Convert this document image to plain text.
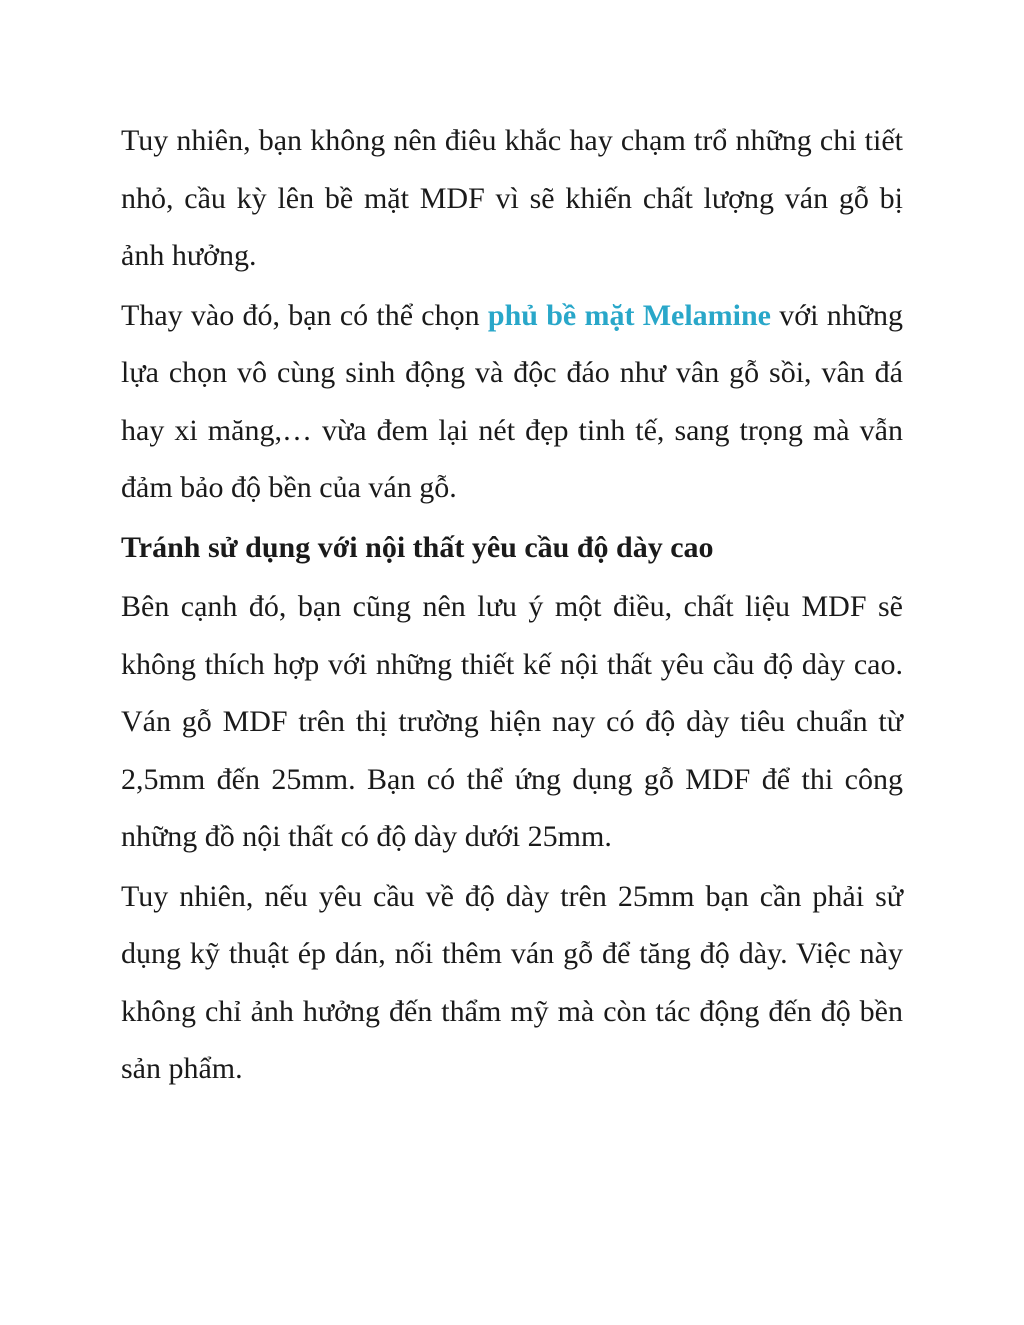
Tuy nhiên, bạn không nên điêu khắc hay chạm trổ những chi tiết nhỏ, cầu kỳ lên bề mặt MDF vì sẽ khiến chất lượng ván gỗ bị ảnh hưởng.

Thay vào đó, bạn có thể chọn phủ bề mặt Melamine với những lựa chọn vô cùng sinh động và độc đáo như vân gỗ sồi, vân đá hay xi măng,… vừa đem lại nét đẹp tinh tế, sang trọng mà vẫn đảm bảo độ bền của ván gỗ.

Tránh sử dụng với nội thất yêu cầu độ dày cao

Bên cạnh đó, bạn cũng nên lưu ý một điều, chất liệu MDF sẽ không thích hợp với những thiết kế nội thất yêu cầu độ dày cao. Ván gỗ MDF trên thị trường hiện nay có độ dày tiêu chuẩn từ 2,5mm đến 25mm. Bạn có thể ứng dụng gỗ MDF để thi công những đồ nội thất có độ dày dưới 25mm.

Tuy nhiên, nếu yêu cầu về độ dày trên 25mm bạn cần phải sử dụng kỹ thuật ép dán, nối thêm ván gỗ để tăng độ dày. Việc này không chỉ ảnh hưởng đến thẩm mỹ mà còn tác động đến độ bền sản phẩm.
